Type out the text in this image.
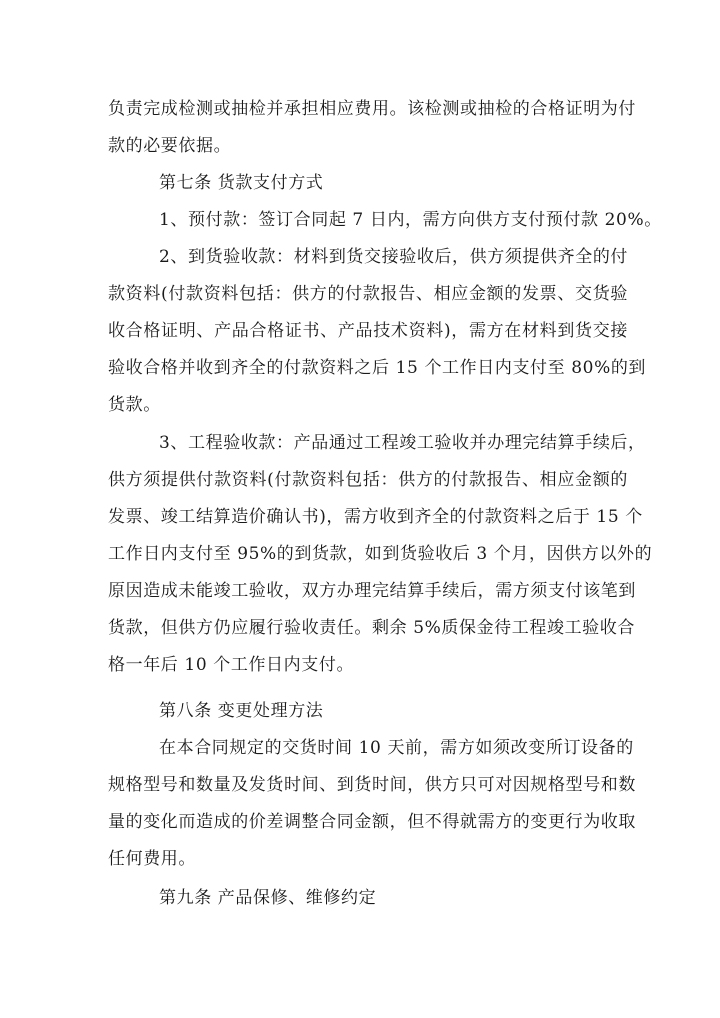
负责完成检测或抽检并承担相应费用。该检测或抽检的合格证明为付
款的必要依据。
第七条 货款支付方式
1、预付款：签订合同起 7 日内，需方向供方支付预付款 20%。
2、到货验收款：材料到货交接验收后，供方须提供齐全的付
款资料(付款资料包括：供方的付款报告、相应金额的发票、交货验
收合格证明、产品合格证书、产品技术资料)，需方在材料到货交接
验收合格并收到齐全的付款资料之后 15 个工作日内支付至 80%的到
货款。
3、工程验收款：产品通过工程竣工验收并办理完结算手续后，
供方须提供付款资料(付款资料包括：供方的付款报告、相应金额的
发票、竣工结算造价确认书)，需方收到齐全的付款资料之后于 15 个
工作日内支付至 95%的到货款，如到货验收后 3 个月，因供方以外的
原因造成未能竣工验收，双方办理完结算手续后，需方须支付该笔到
货款，但供方仍应履行验收责任。剩余 5%质保金待工程竣工验收合
格一年后 10 个工作日内支付。
第八条 变更处理方法
在本合同规定的交货时间 10 天前，需方如须改变所订设备的
规格型号和数量及发货时间、到货时间，供方只可对因规格型号和数
量的变化而造成的价差调整合同金额，但不得就需方的变更行为收取
任何费用。
第九条 产品保修、维修约定
